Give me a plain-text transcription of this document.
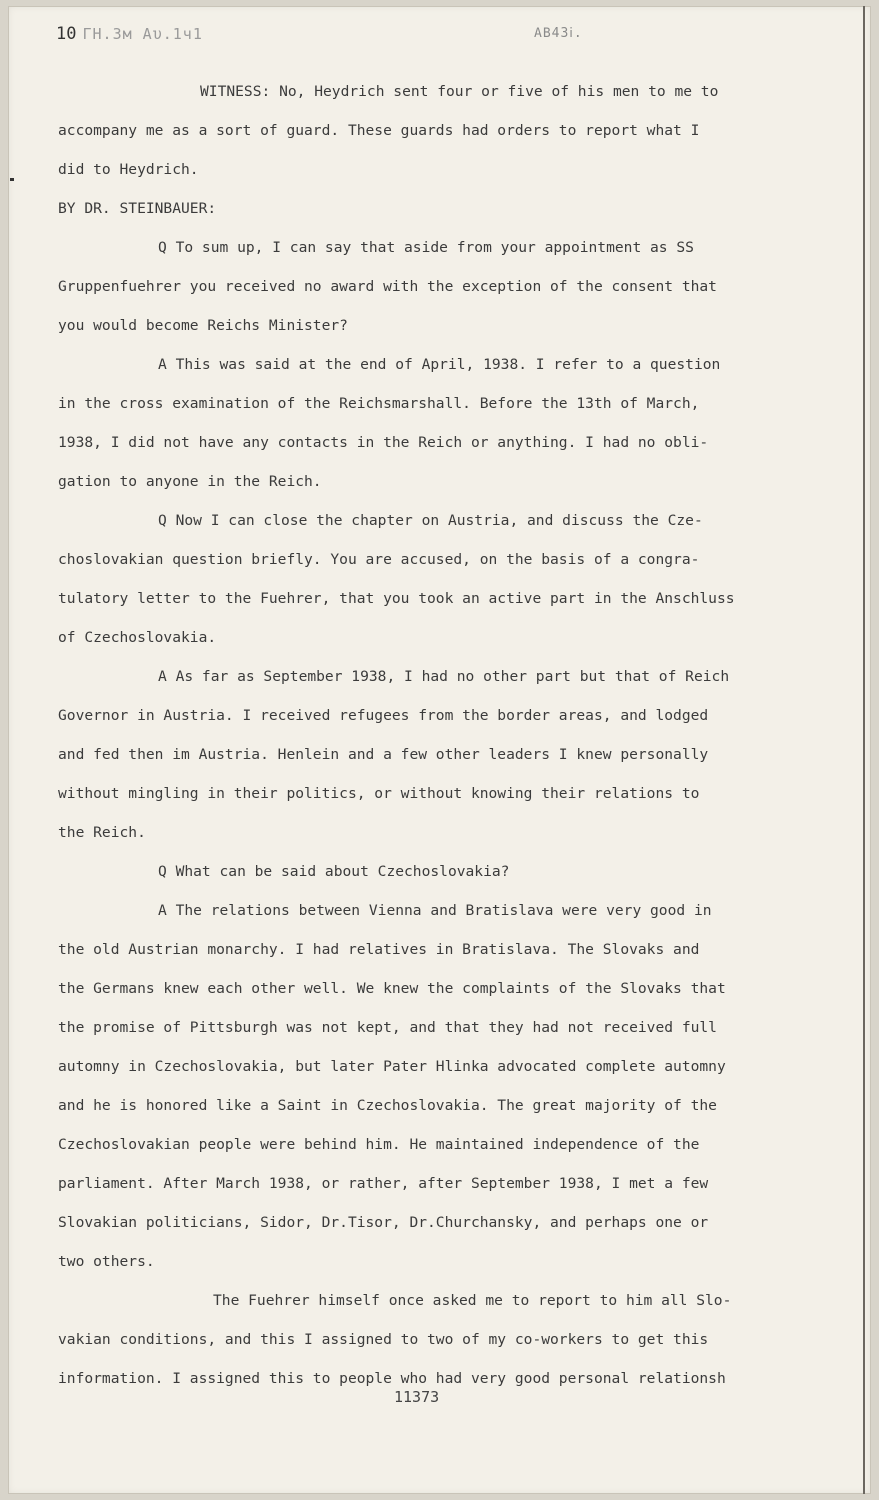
10 ΓΗ.3м Αυ.1ч1	ΑΒ43ⅰ.

WITNESS: No, Heydrich sent four or five of his men to me to

accompany me as a sort of guard. These guards had orders to report what I

did to Heydrich.

BY DR. STEINBAUER:

Q To sum up, I can say that aside from your appointment as SS

Gruppenfuehrer you received no award with the exception of the consent that

you would become Reichs Minister?

A This was said at the end of April, 1938. I refer to a question

in the cross examination of the Reichsmarshall. Before the 13th of March,

1938, I did not have any contacts in the Reich or anything. I had no obli-

gation to anyone in the Reich.

Q Now I can close the chapter on Austria, and discuss the Cze-

choslovakian question briefly. You are accused, on the basis of a congra-

tulatory letter to the Fuehrer, that you took an active part in the Anschluss

of Czechoslovakia.

A As far as September 1938, I had no other part but that of Reich

Governor in Austria. I received refugees from the border areas, and lodged

and fed then im Austria. Henlein and a few other leaders I knew personally

without mingling in their politics, or without knowing their relations to

the Reich.

Q What can be said about Czechoslovakia?

A The relations between Vienna and Bratislava were very good in

the old Austrian monarchy. I had relatives in Bratislava. The Slovaks and

the Germans knew each other well. We knew the complaints of the Slovaks that

the promise of Pittsburgh was not kept, and that they had not received full

automny in Czechoslovakia, but later Pater Hlinka advocated complete automny

and he is honored like a Saint in Czechoslovakia. The great majority of the

Czechoslovakian people were behind him. He maintained independence of the

parliament. After March 1938, or rather, after September 1938, I met a few

Slovakian politicians, Sidor, Dr.Tisor, Dr.Churchansky, and perhaps one or

two others.

The Fuehrer himself once asked me to report to him all Slo-

vakian conditions, and this I assigned to two of my co-workers to get this

information. I assigned this to people who had very good personal relationsh

11373
